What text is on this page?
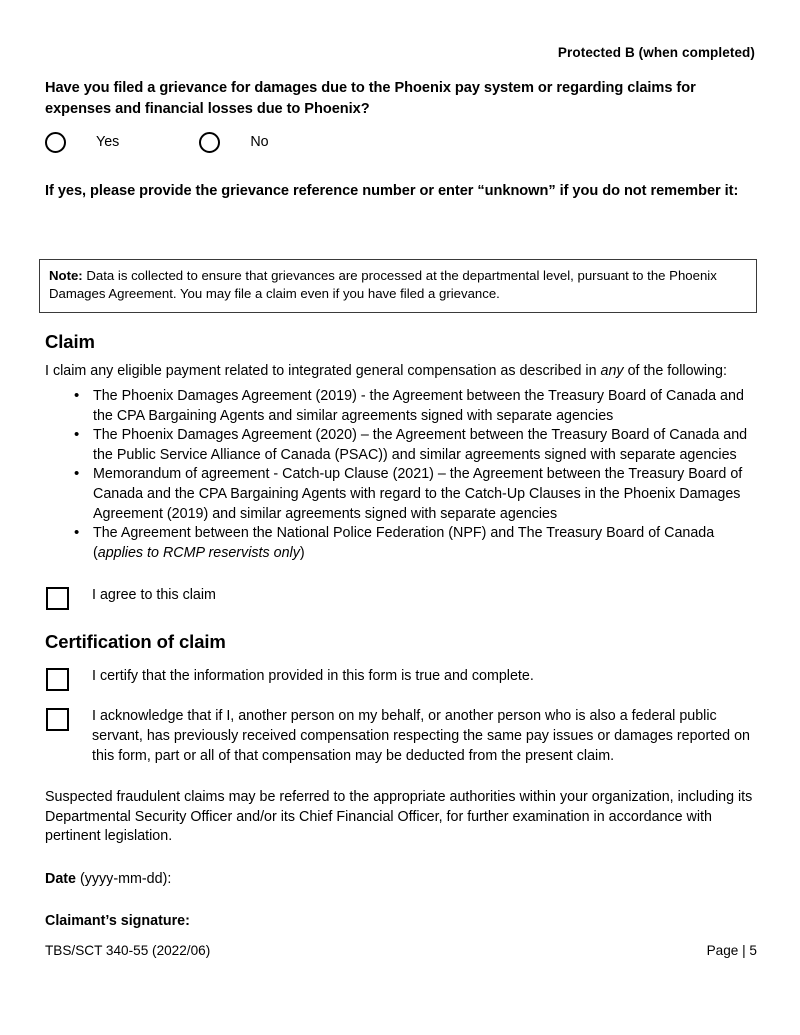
Protected B (when completed)
Have you filed a grievance for damages due to the Phoenix pay system or regarding claims for expenses and financial losses due to Phoenix?
Yes	No
If yes, please provide the grievance reference number or enter “unknown” if you do not remember it:
Note: Data is collected to ensure that grievances are processed at the departmental level, pursuant to the Phoenix Damages Agreement. You may file a claim even if you have filed a grievance.
Claim

I claim any eligible payment related to integrated general compensation as described in any of the following:

• The Phoenix Damages Agreement (2019) - the Agreement between the Treasury Board of Canada and the CPA Bargaining Agents and similar agreements signed with separate agencies
• The Phoenix Damages Agreement (2020) – the Agreement between the Treasury Board of Canada and the Public Service Alliance of Canada (PSAC)) and similar agreements signed with separate agencies
• Memorandum of agreement - Catch-up Clause (2021) – the Agreement between the Treasury Board of Canada and the CPA Bargaining Agents with regard to the Catch-Up Clauses in the Phoenix Damages Agreement (2019) and similar agreements signed with separate agencies
• The Agreement between the National Police Federation (NPF) and The Treasury Board of Canada (applies to RCMP reservists only)
I agree to this claim
Certification of claim
I certify that the information provided in this form is true and complete.
I acknowledge that if I, another person on my behalf, or another person who is also a federal public servant, has previously received compensation respecting the same pay issues or damages reported on this form, part or all of that compensation may be deducted from the present claim.

Suspected fraudulent claims may be referred to the appropriate authorities within your organization, including its Departmental Security Officer and/or its Chief Financial Officer, for further examination in accordance with pertinent legislation.

Date (yyyy-mm-dd):
Claimant’s signature:
TBS/SCT 340-55 (2022/06)	Page | 5
